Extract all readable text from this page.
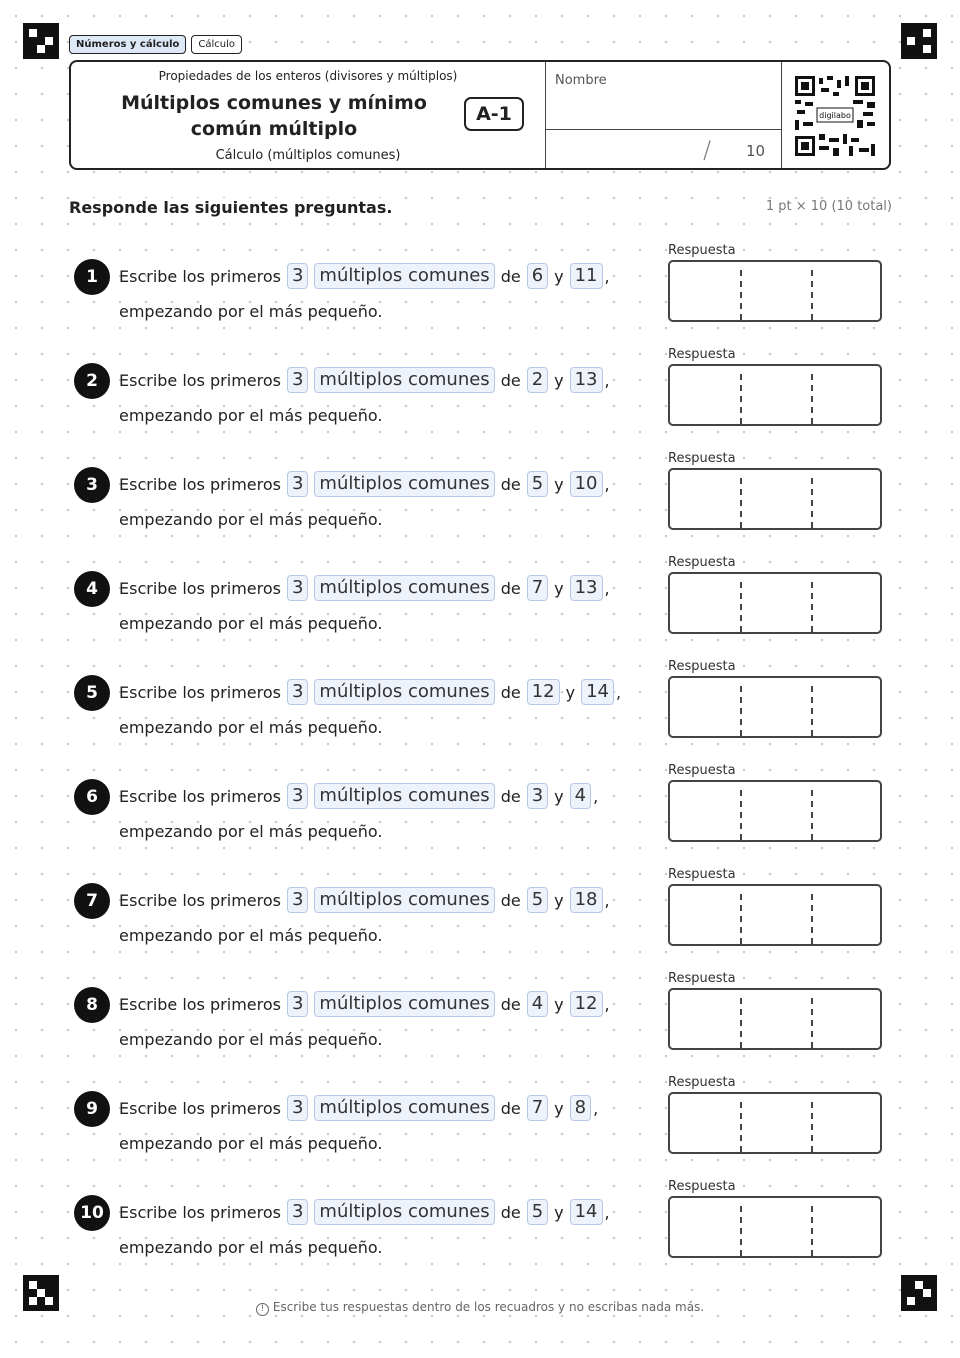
Números y cálculo	Cálculo
Propiedades de los enteros (divisores y múltiplos)
Múltiplos comunes y mínimo común múltiplo
A-1
Cálculo (múltiplos comunes)
Nombre
/ 10
digilabo
Responde las siguientes preguntas.	1 pt × 10 (10 total)
1	Escribe los primeros 3 múltiplos comunes de 6 y 11 ,
empezando por el más pequeño.
Respuesta
2	Escribe los primeros 3 múltiplos comunes de 2 y 13 ,
empezando por el más pequeño.
Respuesta
3	Escribe los primeros 3 múltiplos comunes de 5 y 10 ,
empezando por el más pequeño.
Respuesta
4	Escribe los primeros 3 múltiplos comunes de 7 y 13 ,
empezando por el más pequeño.
Respuesta
5	Escribe los primeros 3 múltiplos comunes de 12 y 14 ,
empezando por el más pequeño.
Respuesta
6	Escribe los primeros 3 múltiplos comunes de 3 y 4 ,
empezando por el más pequeño.
Respuesta
7	Escribe los primeros 3 múltiplos comunes de 5 y 18 ,
empezando por el más pequeño.
Respuesta
8	Escribe los primeros 3 múltiplos comunes de 4 y 12 ,
empezando por el más pequeño.
Respuesta
9	Escribe los primeros 3 múltiplos comunes de 7 y 8 ,
empezando por el más pequeño.
Respuesta
10 Escribe los primeros 3 múltiplos comunes de 5 y 14 ,
empezando por el más pequeño.
Respuesta
! Escribe tus respuestas dentro de los recuadros y no escribas nada más.
